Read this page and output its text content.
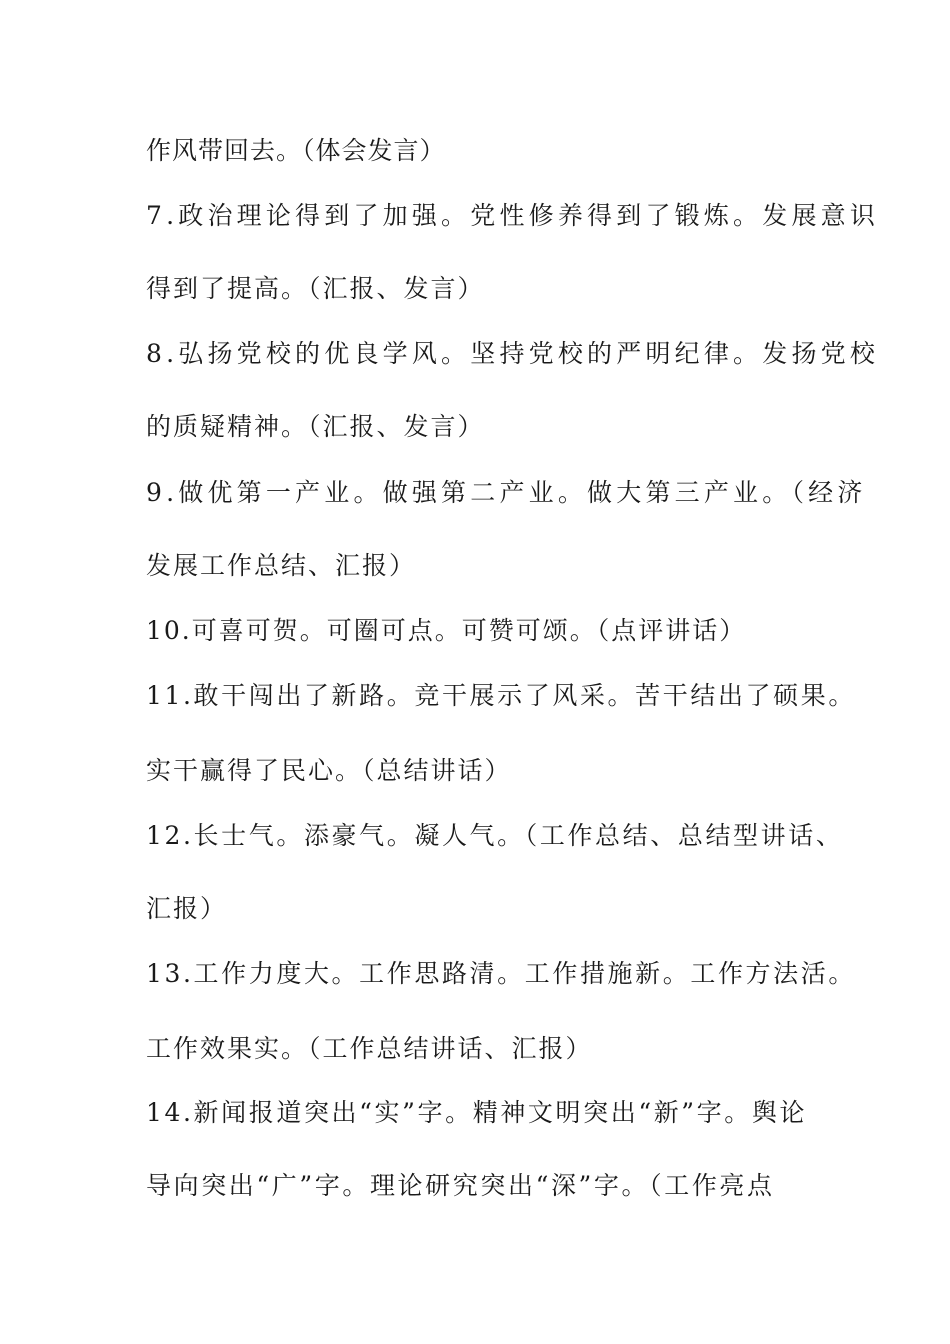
作风带回去。（体会发言）
7.政治理论得到了加强。党性修养得到了锻炼。发展意识
得到了提高。（汇报、发言）
8.弘扬党校的优良学风。坚持党校的严明纪律。发扬党校
的质疑精神。（汇报、发言）
9.做优第一产业。做强第二产业。做大第三产业。（经济
发展工作总结、汇报）
10.可喜可贺。可圈可点。可赞可颂。（点评讲话）
11.敢干闯出了新路。竞干展示了风采。苦干结出了硕果。
实干赢得了民心。（总结讲话）
12.长士气。添豪气。凝人气。（工作总结、总结型讲话、
汇报）
13.工作力度大。工作思路清。工作措施新。工作方法活。
工作效果实。（工作总结讲话、汇报）
14.新闻报道突出“实”字。精神文明突出“新”字。舆论
导向突出“广”字。理论研究突出“深”字。（工作亮点
